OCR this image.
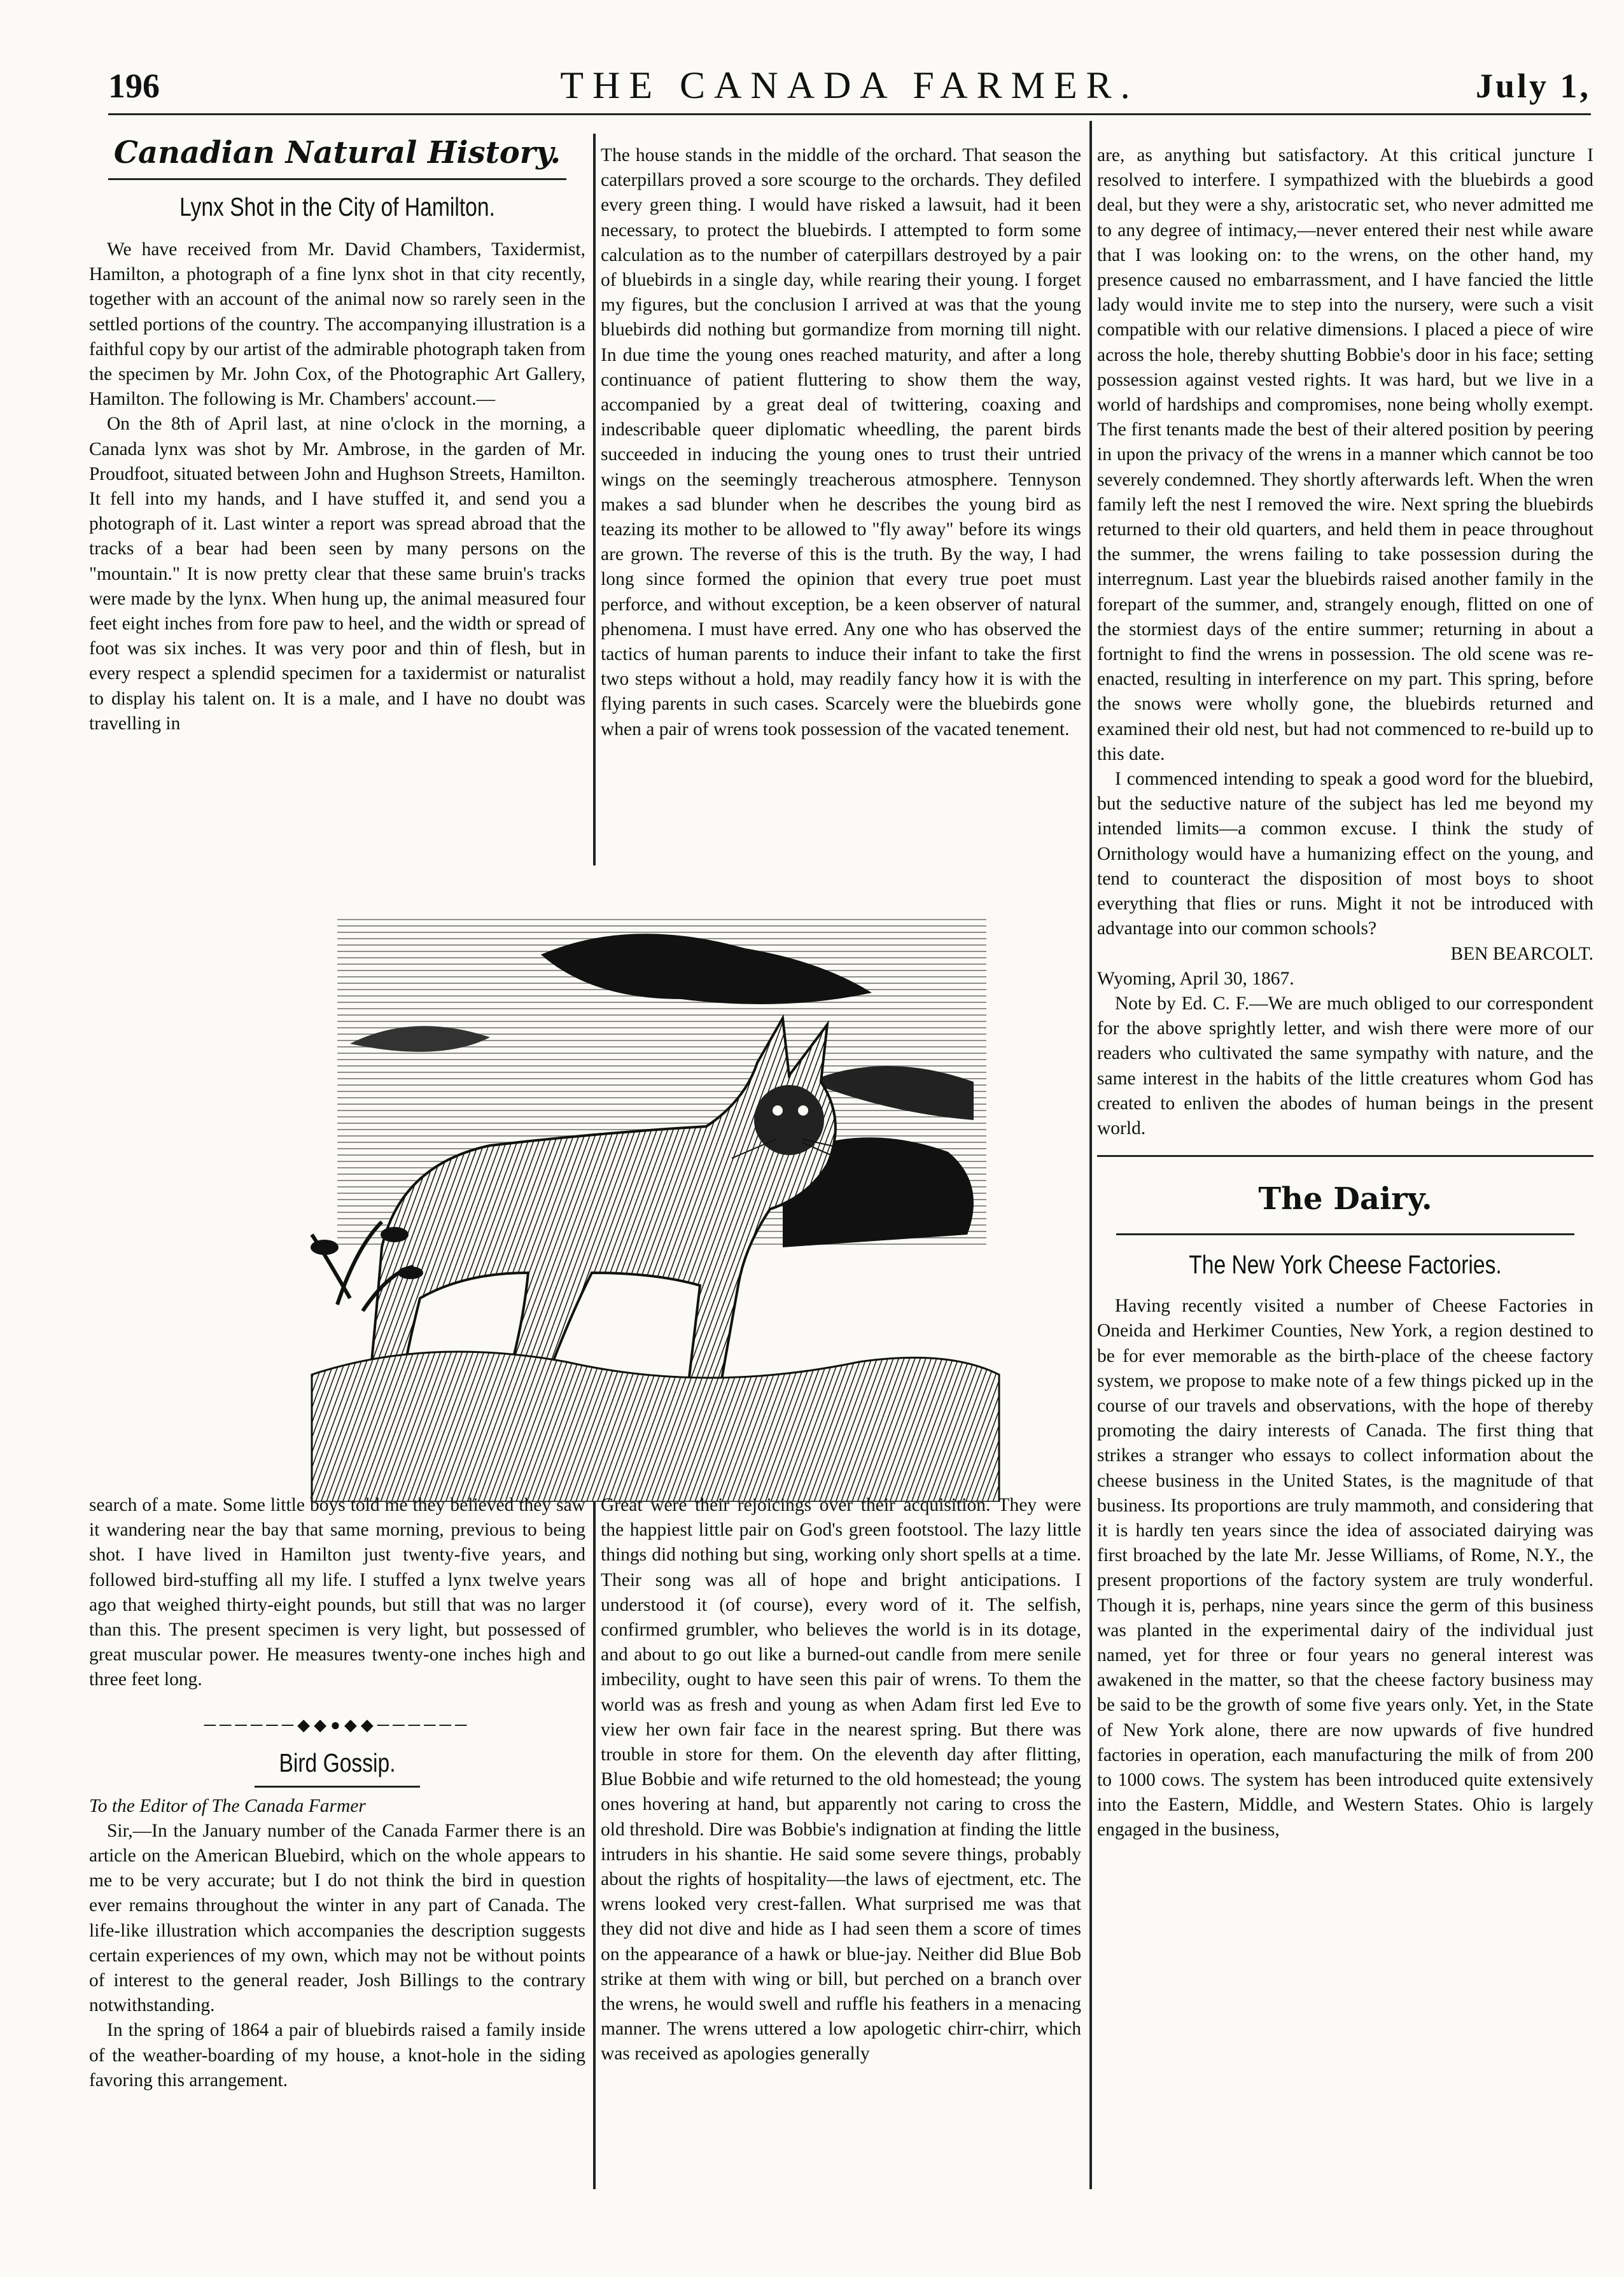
196	THE CANADA FARMER.	July 1,
Canadian Natural History.
Lynx Shot in the City of Hamilton.

We have received from Mr. David Chambers, Taxidermist, Hamilton, a photograph of a fine lynx shot in that city recently, together with an account of the animal now so rarely seen in the settled portions of the country. The accompanying illustration is a faithful copy by our artist of the admirable photograph taken from the specimen by Mr. John Cox, of the Photographic Art Gallery, Hamilton. The following is Mr. Chambers' account.—

On the 8th of April last, at nine o'clock in the morning, a Canada lynx was shot by Mr. Ambrose, in the garden of Mr. Proudfoot, situated between John and Hughson Streets, Hamilton. It fell into my hands, and I have stuffed it, and send you a photograph of it. Last winter a report was spread abroad that the tracks of a bear had been seen by many persons on the "mountain." It is now pretty clear that these same bruin's tracks were made by the lynx. When hung up, the animal measured four feet eight inches from fore paw to heel, and the width or spread of foot was six inches. It was very poor and thin of flesh, but in every respect a splendid specimen for a taxidermist or naturalist to display his talent on. It is a male, and I have no doubt was travelling in

The house stands in the middle of the orchard. That season the caterpillars proved a sore scourge to the orchards. They defiled every green thing. I would have risked a lawsuit, had it been necessary, to protect the bluebirds. I attempted to form some calculation as to the number of caterpillars destroyed by a pair of bluebirds in a single day, while rearing their young. I forget my figures, but the conclusion I arrived at was that the young bluebirds did nothing but gormandize from morning till night. In due time the young ones reached maturity, and after a long continuance of patient fluttering to show them the way, accompanied by a great deal of twittering, coaxing and indescribable queer diplomatic wheedling, the parent birds succeeded in inducing the young ones to trust their untried wings on the seemingly treacherous atmosphere. Tennyson makes a sad blunder when he describes the young bird as teazing its mother to be allowed to "fly away" before its wings are grown. The reverse of this is the truth. By the way, I had long since formed the opinion that every true poet must perforce, and without exception, be a keen observer of natural phenomena. I must have erred. Any one who has observed the tactics of human parents to induce their infant to take the first two steps without a hold, may readily fancy how it is with the flying parents in such cases. Scarcely were the bluebirds gone when a pair of wrens took possession of the vacated tenement.

are, as anything but satisfactory. At this critical juncture I resolved to interfere. I sympathized with the bluebirds a good deal, but they were a shy, aristocratic set, who never admitted me to any degree of intimacy,—never entered their nest while aware that I was looking on: to the wrens, on the other hand, my presence caused no embarrassment, and I have fancied the little lady would invite me to step into the nursery, were such a visit compatible with our relative dimensions. I placed a piece of wire across the hole, thereby shutting Bobbie's door in his face; setting possession against vested rights. It was hard, but we live in a world of hardships and compromises, none being wholly exempt. The first tenants made the best of their altered position by peering in upon the privacy of the wrens in a manner which cannot be too severely condemned. They shortly afterwards left. When the wren family left the nest I removed the wire. Next spring the bluebirds returned to their old quarters, and held them in peace throughout the summer, the wrens failing to take possession during the interregnum. Last year the bluebirds raised another family in the forepart of the summer, and, strangely enough, flitted on one of the stormiest days of the entire summer; returning in about a fortnight to find the wrens in possession. The old scene was re-enacted, resulting in interference on my part. This spring, before the snows were wholly gone, the bluebirds returned and examined their old nest, but had not commenced to re-build up to this date.

I commenced intending to speak a good word for the bluebird, but the seductive nature of the subject has led me beyond my intended limits—a common excuse. I think the study of Ornithology would have a humanizing effect on the young, and tend to counteract the disposition of most boys to shoot everything that flies or runs. Might it not be introduced with advantage into our common schools?

BEN BEARCOLT.

Wyoming, April 30, 1867.

Note by Ed. C. F.—We are much obliged to our correspondent for the above sprightly letter, and wish there were more of our readers who cultivated the same sympathy with nature, and the same interest in the habits of the little creatures whom God has created to enliven the abodes of human beings in the present world.

The Dairy.
The New York Cheese Factories.

Having recently visited a number of Cheese Factories in Oneida and Herkimer Counties, New York, a region destined to be for ever memorable as the birth-place of the cheese factory system, we propose to make note of a few things picked up in the course of our travels and observations, with the hope of thereby promoting the dairy interests of Canada. The first thing that strikes a stranger who essays to collect information about the cheese business in the United States, is the magnitude of that business. Its proportions are truly mammoth, and considering that it is hardly ten years since the idea of associated dairying was first broached by the late Mr. Jesse Williams, of Rome, N.Y., the present proportions of the factory system are truly wonderful. Though it is, perhaps, nine years since the germ of this business was planted in the experimental dairy of the individual just named, yet for three or four years no general interest was awakened in the matter, so that the cheese factory business may be said to be the growth of some five years only. Yet, in the State of New York alone, there are now upwards of five hundred factories in operation, each manufacturing the milk of from 200 to 1000 cows. The system has been introduced quite extensively into the Eastern, Middle, and Western States. Ohio is largely engaged in the business,

search of a mate. Some little boys told me they believed they saw it wandering near the bay that same morning, previous to being shot. I have lived in Hamilton just twenty-five years, and followed bird-stuffing all my life. I stuffed a lynx twelve years ago that weighed thirty-eight pounds, but still that was no larger than this. The present specimen is very light, but possessed of great muscular power. He measures twenty-one inches high and three feet long.

──────◆◆●◆◆──────
Bird Gossip.

To the Editor of The Canada Farmer

Sir,—In the January number of the Canada Farmer there is an article on the American Bluebird, which on the whole appears to me to be very accurate; but I do not think the bird in question ever remains throughout the winter in any part of Canada. The life-like illustration which accompanies the description suggests certain experiences of my own, which may not be without points of interest to the general reader, Josh Billings to the contrary notwithstanding.

In the spring of 1864 a pair of bluebirds raised a family inside of the weather-boarding of my house, a knot-hole in the siding favoring this arrangement.

Great were their rejoicings over their acquisition. They were the happiest little pair on God's green footstool. The lazy little things did nothing but sing, working only short spells at a time. Their song was all of hope and bright anticipations. I understood it (of course), every word of it. The selfish, confirmed grumbler, who believes the world is in its dotage, and about to go out like a burned-out candle from mere senile imbecility, ought to have seen this pair of wrens. To them the world was as fresh and young as when Adam first led Eve to view her own fair face in the nearest spring. But there was trouble in store for them. On the eleventh day after flitting, Blue Bobbie and wife returned to the old homestead; the young ones hovering at hand, but apparently not caring to cross the old threshold. Dire was Bobbie's indignation at finding the little intruders in his shantie. He said some severe things, probably about the rights of hospitality—the laws of ejectment, etc. The wrens looked very crest-fallen. What surprised me was that they did not dive and hide as I had seen them a score of times on the appearance of a hawk or blue-jay. Neither did Blue Bob strike at them with wing or bill, but perched on a branch over the wrens, he would swell and ruffle his feathers in a menacing manner. The wrens uttered a low apologetic chirr-chirr, which was received as apologies generally
